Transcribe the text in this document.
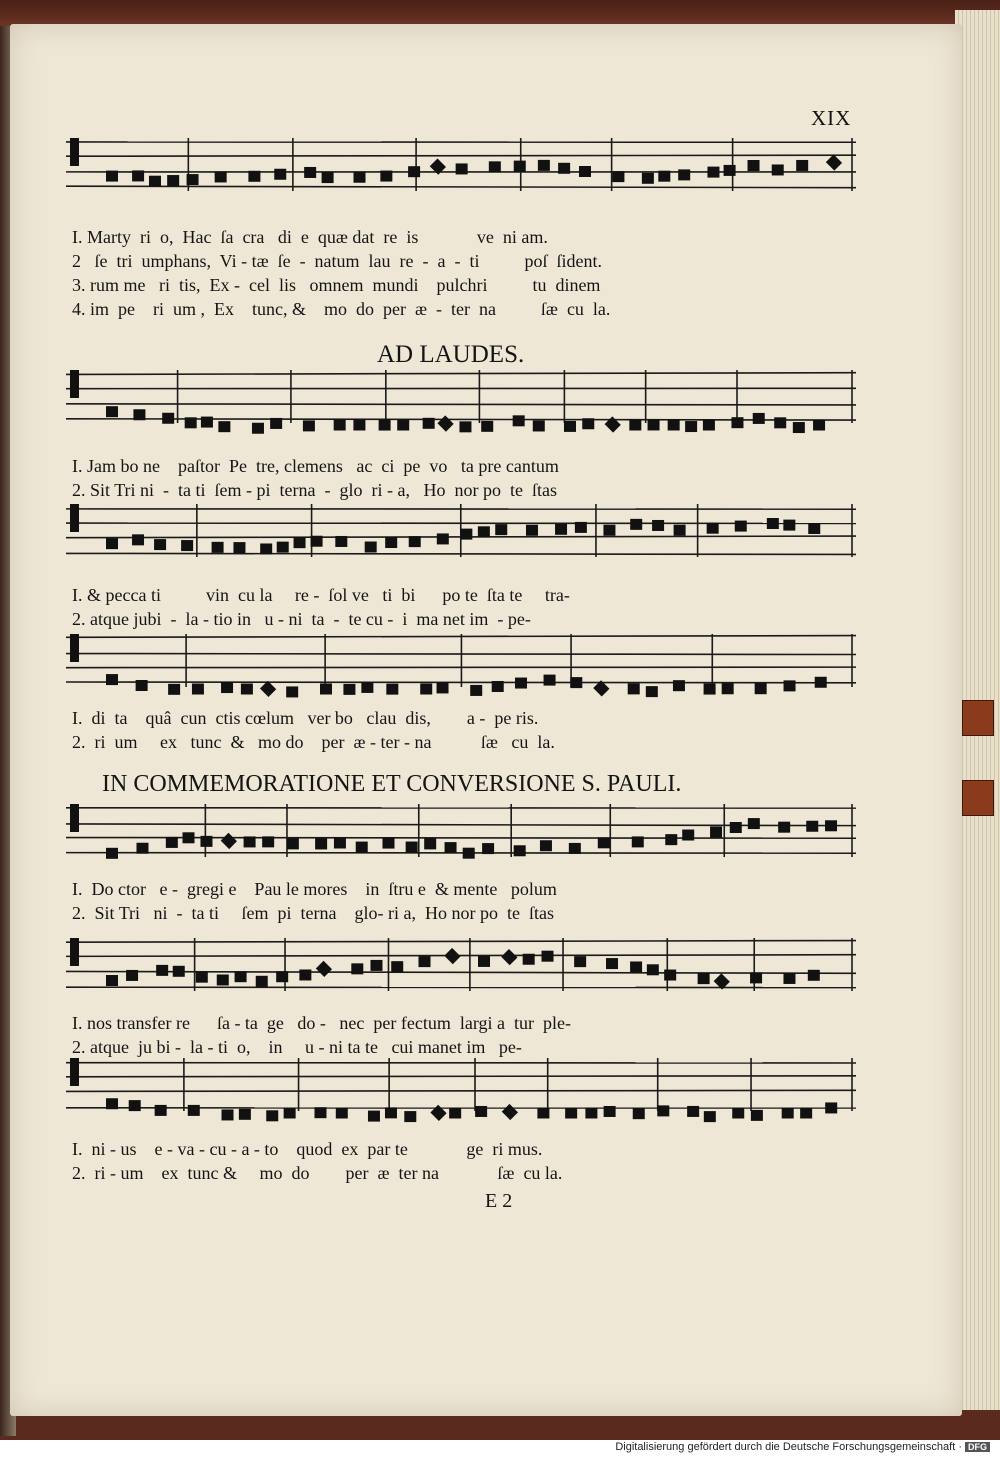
XIX
AD LAUDES.
IN COMMEMORATIONE ET CONVERSIONE S. PAULI.
I. Marty  ri  o,  Hac  ſa  cra   di  e  quæ dat  re  is             ve  ni am.
2   ſe  tri  umphans,  Vi - tæ  ſe  -  natum  lau  re  -  a  -  ti          poſ  ſident.
3. rum me   ri  tis,  Ex -  cel  lis   omnem  mundi    pulchri          tu  dinem
4. im  pe    ri  um ,  Ex    tunc, &    mo  do  per  æ  -  ter  na          ſæ  cu  la.
I. Jam bo ne    paſtor  Pe  tre, clemens   ac  ci  pe  vo   ta pre cantum
2. Sit Tri ni  -  ta ti  ſem - pi  terna  -  glo  ri - a,   Ho  nor po  te  ſtas
I. & pecca ti          vin  cu la     re -  ſol ve   ti  bi      po te  ſta te     tra-
2. atque jubi  -  la - tio in   u - ni  ta  -  te cu -  i  ma net im  - pe-
I.  di  ta    quâ  cun  ctis cœlum   ver bo   clau  dis,        a -  pe ris.
2.  ri  um     ex   tunc  &   mo do    per  æ - ter - na           ſæ   cu  la.
I.  Do ctor   e -  gregi e    Pau le mores    in  ſtru e  & mente   polum
2.  Sit Tri   ni  -  ta ti     ſem  pi  terna    glo- ri a,  Ho nor po  te  ſtas
I. nos transfer re      ſa - ta  ge   do -   nec  per fectum  largi a  tur  ple-
2. atque  ju bi -  la - ti  o,    in     u - ni ta te   cui manet im   pe-
I.  ni - us    e - va - cu - a - to    quod  ex  par te             ge  ri mus.
2.  ri - um    ex  tunc &     mo  do        per  æ  ter na             ſæ  cu la.
E 2
Digitalisierung gefördert durch die Deutsche Forschungsgemeinschaft · DFG
